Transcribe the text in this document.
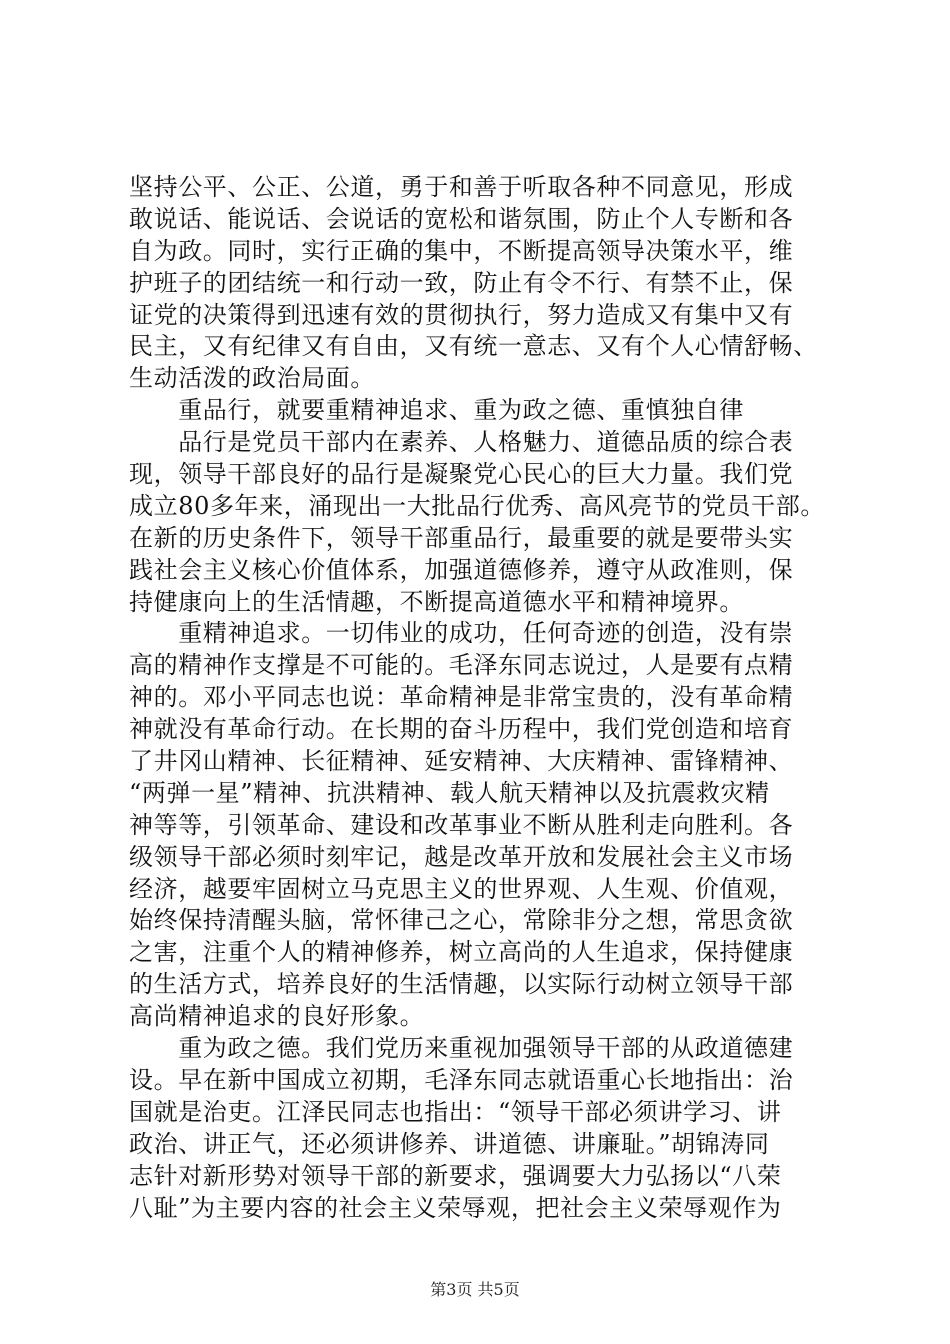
坚持公平、公正、公道，勇于和善于听取各种不同意见，形成
敢说话、能说话、会说话的宽松和谐氛围，防止个人专断和各
自为政。同时，实行正确的集中，不断提高领导决策水平，维
护班子的团结统一和行动一致，防止有令不行、有禁不止，保
证党的决策得到迅速有效的贯彻执行，努力造成又有集中又有
民主，又有纪律又有自由，又有统一意志、又有个人心情舒畅、
生动活泼的政治局面。
　　重品行，就要重精神追求、重为政之德、重慎独自律
　　品行是党员干部内在素养、人格魅力、道德品质的综合表
现，领导干部良好的品行是凝聚党心民心的巨大力量。我们党
成立80多年来，涌现出一大批品行优秀、高风亮节的党员干部。
在新的历史条件下，领导干部重品行，最重要的就是要带头实
践社会主义核心价值体系，加强道德修养，遵守从政准则，保
持健康向上的生活情趣，不断提高道德水平和精神境界。
　　重精神追求。一切伟业的成功，任何奇迹的创造，没有崇
高的精神作支撑是不可能的。毛泽东同志说过，人是要有点精
神的。邓小平同志也说：革命精神是非常宝贵的，没有革命精
神就没有革命行动。在长期的奋斗历程中，我们党创造和培育
了井冈山精神、长征精神、延安精神、大庆精神、雷锋精神、
“两弹一星”精神、抗洪精神、载人航天精神以及抗震救灾精
神等等，引领革命、建设和改革事业不断从胜利走向胜利。各
级领导干部必须时刻牢记，越是改革开放和发展社会主义市场
经济，越要牢固树立马克思主义的世界观、人生观、价值观，
始终保持清醒头脑，常怀律己之心，常除非分之想，常思贪欲
之害，注重个人的精神修养，树立高尚的人生追求，保持健康
的生活方式，培养良好的生活情趣，以实际行动树立领导干部
高尚精神追求的良好形象。
　　重为政之德。我们党历来重视加强领导干部的从政道德建
设。早在新中国成立初期，毛泽东同志就语重心长地指出：治
国就是治吏。江泽民同志也指出：“领导干部必须讲学习、讲
政治、讲正气，还必须讲修养、讲道德、讲廉耻。”胡锦涛同
志针对新形势对领导干部的新要求，强调要大力弘扬以“八荣
八耻”为主要内容的社会主义荣辱观，把社会主义荣辱观作为
第3页 共5页
